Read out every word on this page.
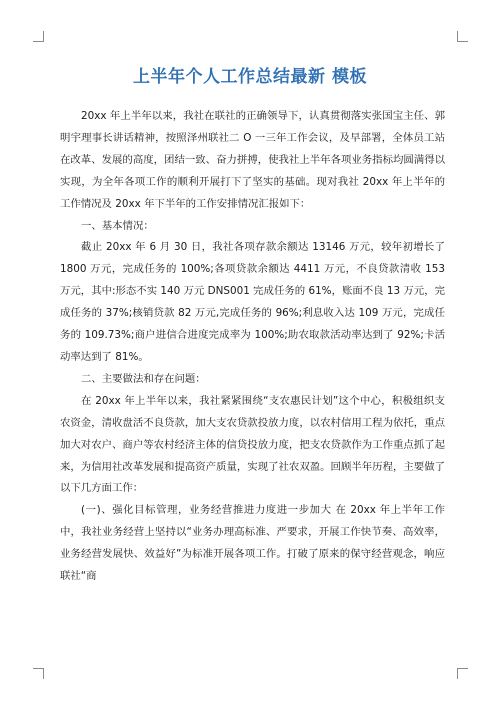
上半年个人工作总结最新 模板

20xx 年上半年以来，我社在联社的正确领导下，认真贯彻落实张国宝主任、郭明宇理事长讲话精神，按照泽州联社二 O 一三年工作会议，及早部署，全体员工站在改革、发展的高度，团结一致、奋力拼搏，使我社上半年各项业务指标均圆满得以实现，为全年各项工作的顺利开展打下了坚实的基础。现对我社 20xx 年上半年的工作情况及 20xx 年下半年的工作安排情况汇报如下：

一、基本情况：

截止 20xx 年 6 月 30 日，我社各项存款余额达 13146 万元，较年初增长了 1800 万元，完成任务的 100%;各项贷款余额达 4411 万元，不良贷款清收 153 万元，其中:形态不实 140 万元 DNS001 完成任务的 61%，账面不良 13 万元，完成任务的 37%;核销贷款 82 万元,完成任务的 96%;利息收入达 109 万元，完成任务的 109.73%;商户进信合进度完成率为 100%;助农取款活动率达到了 92%;卡活动率达到了 81%。

二、主要做法和存在问题：

在 20xx 年上半年以来，我社紧紧围绕“支农惠民计划”这个中心，积极组织支农资金，清收盘活不良贷款，加大支农贷款投放力度，以农村信用工程为依托，重点加大对农户、商户等农村经济主体的信贷投放力度，把支农贷款作为工作重点抓了起来，为信用社改革发展和提高资产质量，实现了社农双盈。回顾半年历程，主要做了以下几方面工作：

(一)、强化目标管理，业务经营推进力度进一步加大 在 20xx 年上半年工作中，我社业务经营上坚持以“业务办理高标准、严要求，开展工作快节奏、高效率，业务经营发展快、效益好”为标准开展各项工作。打破了原来的保守经营观念，响应联社“商
